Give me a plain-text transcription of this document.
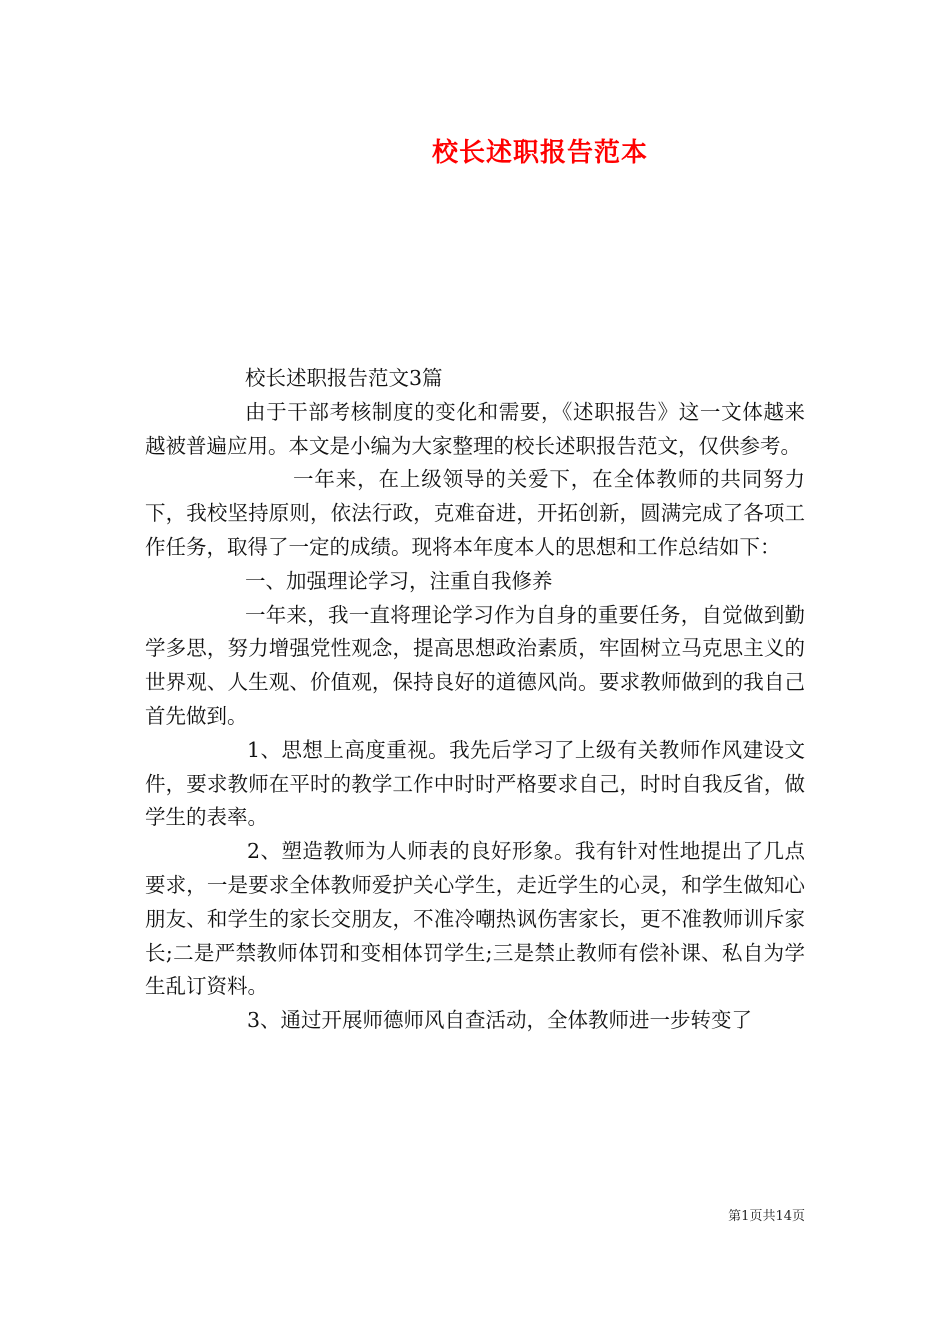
校长述职报告范本

校长述职报告范文3篇

由于干部考核制度的变化和需要，《述职报告》这一文体越来越被普遍应用。本文是小编为大家整理的校长述职报告范文，仅供参考。

一年来，在上级领导的关爱下，在全体教师的共同努力下，我校坚持原则，依法行政，克难奋进，开拓创新，圆满完成了各项工作任务，取得了一定的成绩。现将本年度本人的思想和工作总结如下：

一、加强理论学习，注重自我修养

一年来，我一直将理论学习作为自身的重要任务，自觉做到勤学多思，努力增强党性观念，提高思想政治素质，牢固树立马克思主义的世界观、人生观、价值观，保持良好的道德风尚。要求教师做到的我自己首先做到。

1、思想上高度重视。我先后学习了上级有关教师作风建设文件，要求教师在平时的教学工作中时时严格要求自己，时时自我反省，做学生的表率。

2、塑造教师为人师表的良好形象。我有针对性地提出了几点要求，一是要求全体教师爱护关心学生，走近学生的心灵，和学生做知心朋友、和学生的家长交朋友，不准冷嘲热讽伤害家长，更不准教师训斥家长;二是严禁教师体罚和变相体罚学生;三是禁止教师有偿补课、私自为学生乱订资料。

3、通过开展师德师风自查活动，全体教师进一步转变了

第1页共14页
